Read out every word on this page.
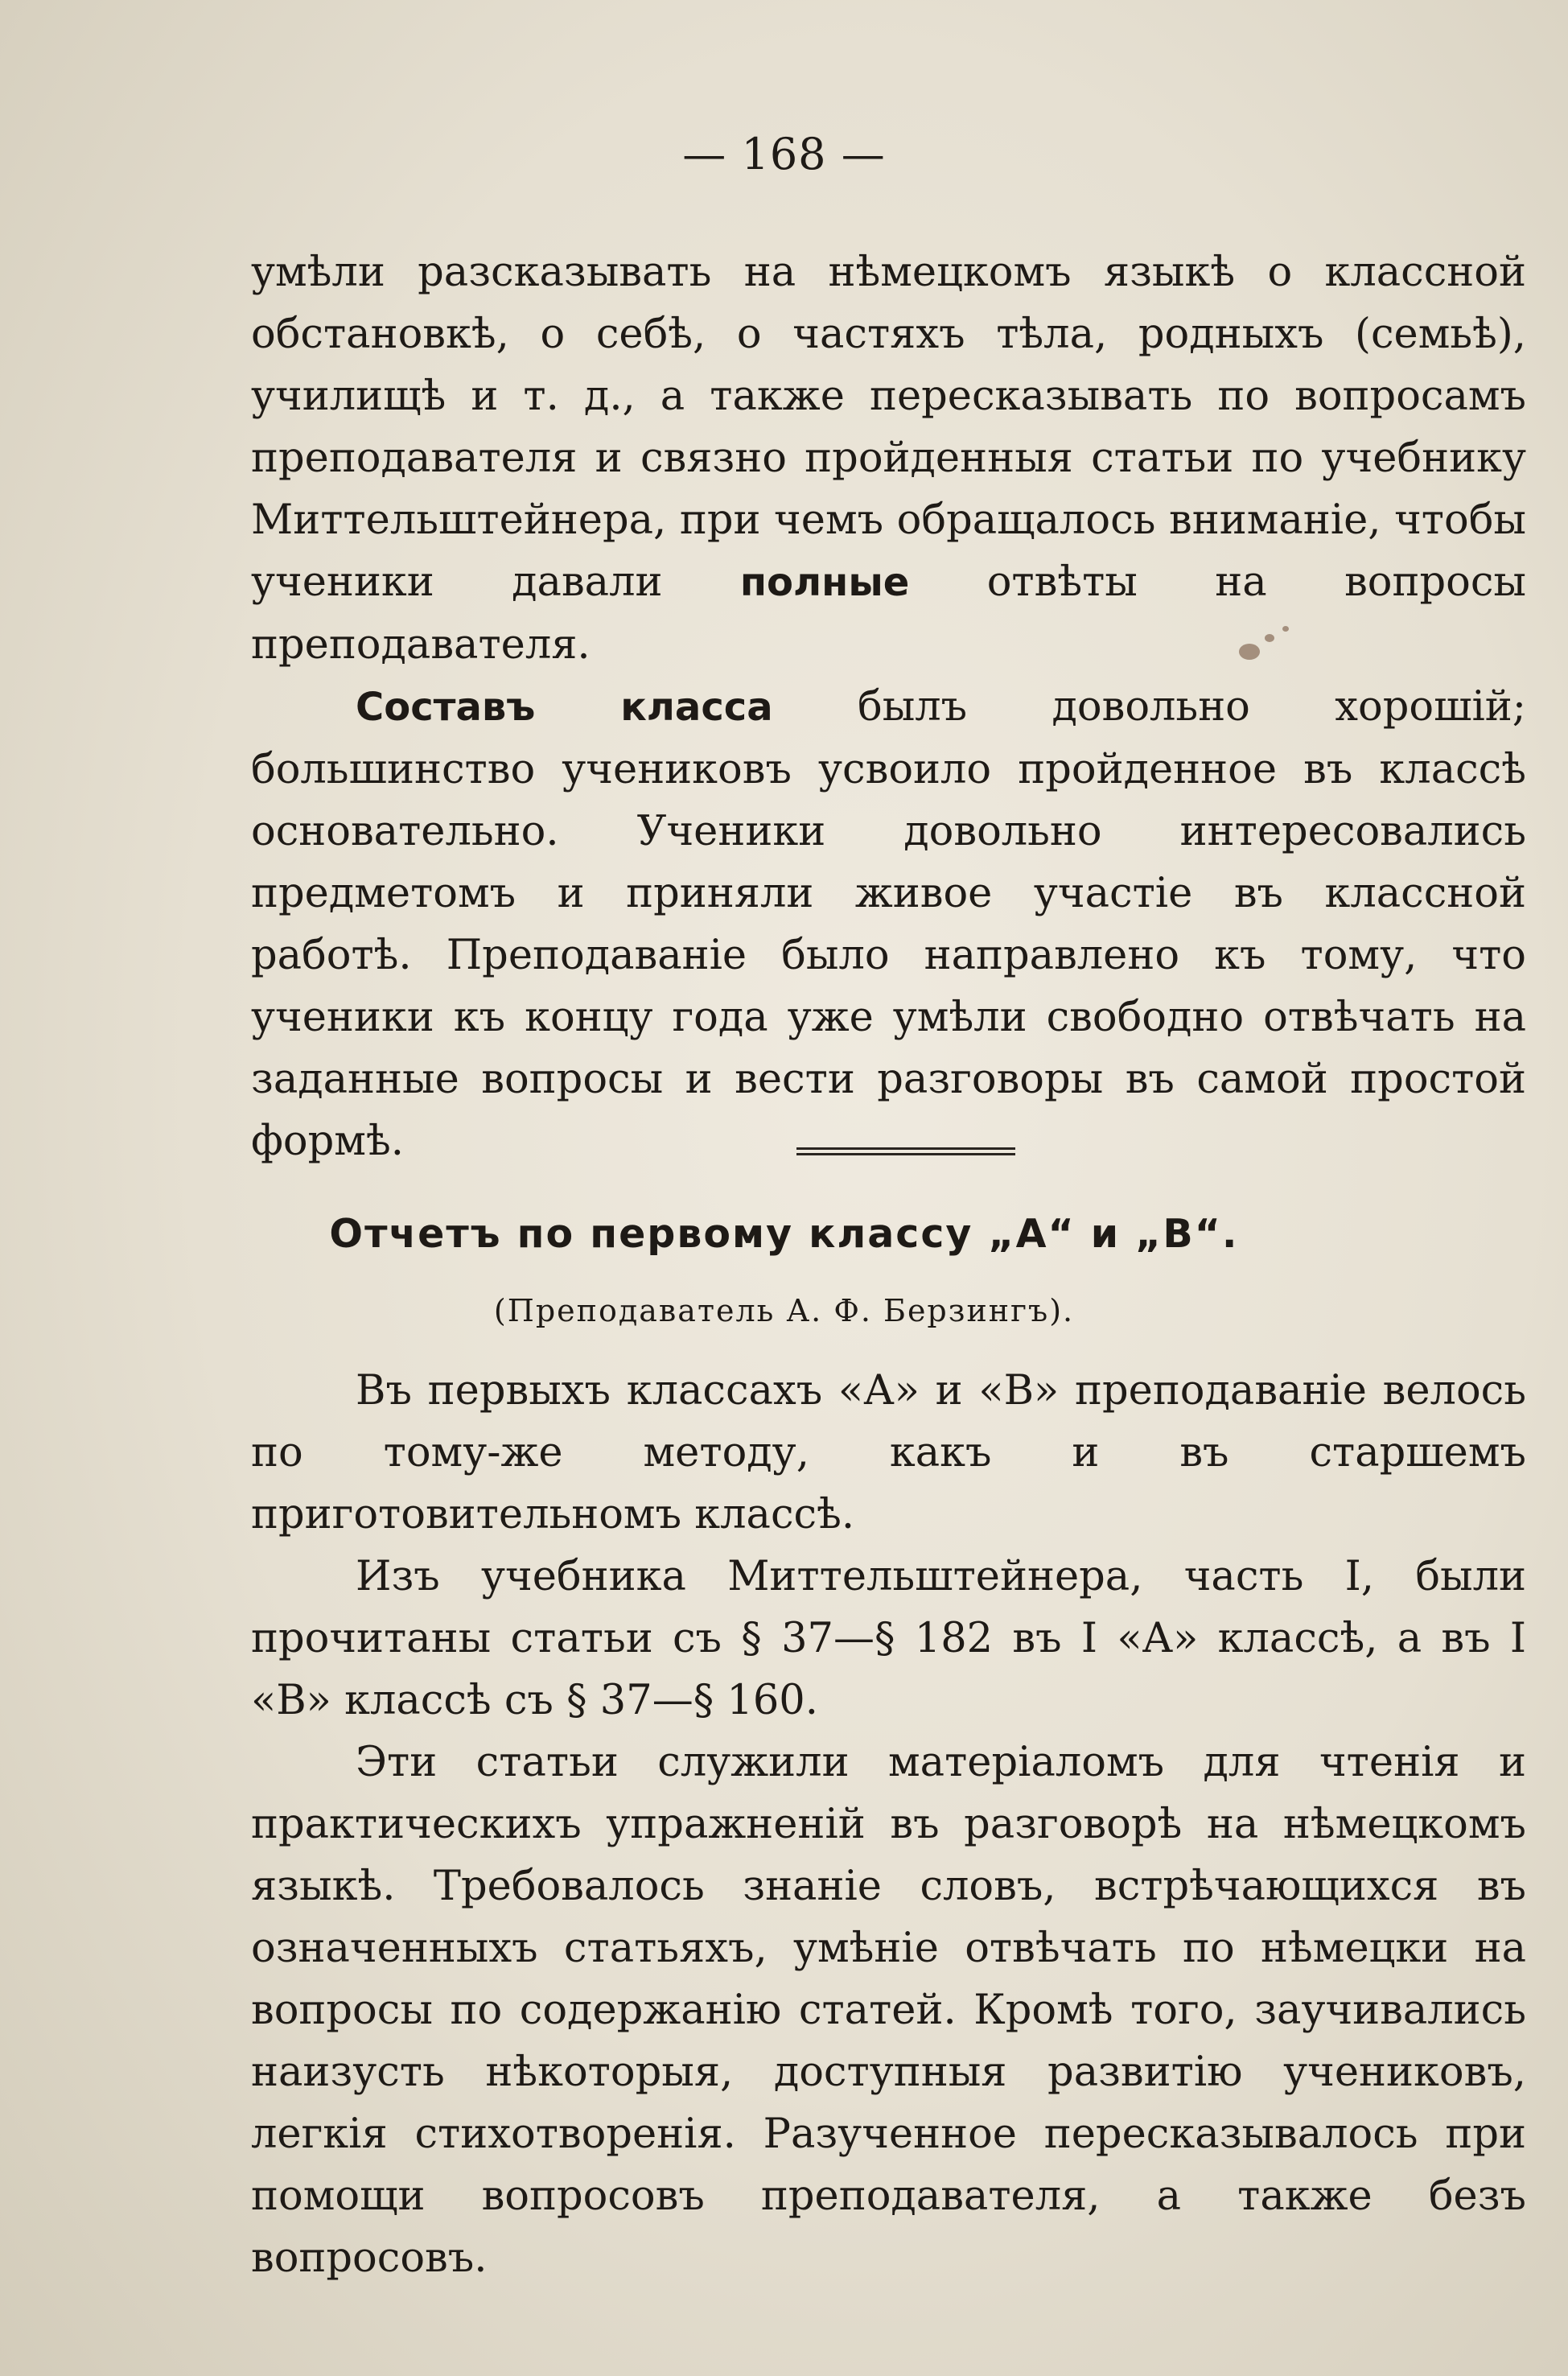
— 168 —

умѣли разсказывать на нѣмецкомъ языкѣ о классной обстановкѣ, о себѣ, о частяхъ тѣла, родныхъ (семьѣ), училищѣ и т. д., а также пересказывать по вопросамъ преподавателя и связно пройденныя статьи по учебнику Миттельштейнера, при чемъ обращалось вниманіе, чтобы ученики давали полные отвѣты на вопросы преподавателя.

Составъ класса былъ довольно хорошій; большинство учениковъ усвоило пройденное въ классѣ основательно. Ученики довольно интересовались предметомъ и приняли живое участіе въ классной работѣ. Преподаваніе было направлено къ тому, что ученики къ концу года уже умѣли свободно отвѣчать на заданные вопросы и вести разговоры въ самой простой формѣ.

Отчетъ по первому классу „А“ и „В“.
(Преподаватель А. Ф. Берзингъ).

Въ первыхъ классахъ «А» и «В» преподаваніе велось по тому-же методу, какъ и въ старшемъ приготовительномъ классѣ.

Изъ учебника Миттельштейнера, часть I, были прочитаны статьи съ § 37—§ 182 въ I «А» классѣ, а въ I «В» классѣ съ § 37—§ 160.

Эти статьи служили матеріаломъ для чтенія и практическихъ упражненій въ разговорѣ на нѣмецкомъ языкѣ. Требовалось знаніе словъ, встрѣчающихся въ означенныхъ статьяхъ, умѣніе отвѣчать по нѣмецки на вопросы по содержанію статей. Кромѣ того, заучивались наизусть нѣкоторыя, доступныя развитію учениковъ, легкія стихотворенія. Разученное пересказывалось при помощи вопросовъ преподавателя, а также безъ вопросовъ.
